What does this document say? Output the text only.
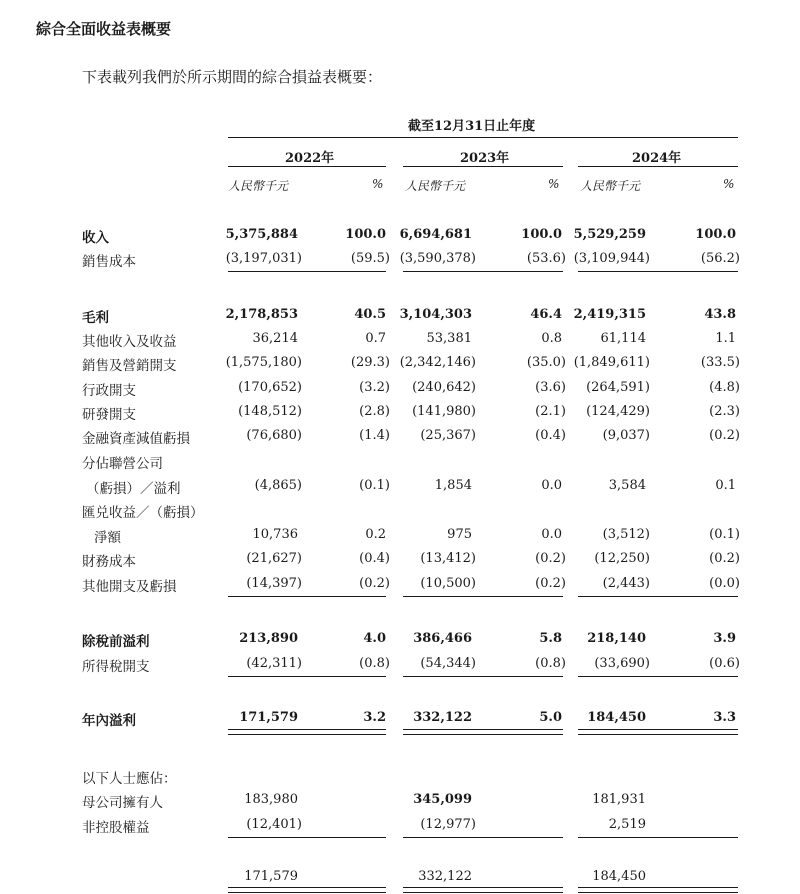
綜合全面收益表概要
下表載列我們於所示期間的綜合損益表概要：
截至12月31日止年度
2022年	2023年	2024年
人民幣千元	% 人民幣千元	% 人民幣千元	%
收入	5,375,884	100.0	6,694,681	100.0 5,529,259	100.0
銷售成本	(3,197,031)	(59.5) (3,590,378)	(53.6) (3,109,944)	(56.2)
毛利	2,178,853	40.5	3,104,303	46.4 2,419,315	43.8
其他收入及收益	36,214	0.7	53,381	0.8	61,114	1.1
銷售及營銷開支	(1,575,180)	(29.3) (2,342,146)	(35.0) (1,849,611)	(33.5)
行政開支	(170,652)	(3.2)	(240,642)	(3.6)	(264,591)	(4.8)
研發開支	(148,512)	(2.8)	(141,980)	(2.1)	(124,429)	(2.3)
金融資產減值虧損	(76,680)	(1.4)	(25,367)	(0.4)	(9,037)	(0.2)
分佔聯營公司
（虧損）／溢利	(4,865)	(0.1)	1,854	0.0	3,584	0.1
匯兑收益／（虧損）
淨額	10,736	0.2	975	0.0	(3,512)	(0.1)
財務成本	(21,627)	(0.4)	(13,412)	(0.2)	(12,250)	(0.2)
其他開支及虧損	(14,397)	(0.2)	(10,500)	(0.2)	(2,443)	(0.0)
除稅前溢利	213,890	4.0	386,466	5.8	218,140	3.9
所得稅開支	(42,311)	(0.8)	(54,344)	(0.8)	(33,690)	(0.6)
年內溢利	171,579	3.2	332,122	5.0	184,450	3.3
以下人士應佔：
母公司擁有人	183,980	345,099	181,931
非控股權益	(12,401)	(12,977)	2,519
171,579	332,122	184,450
